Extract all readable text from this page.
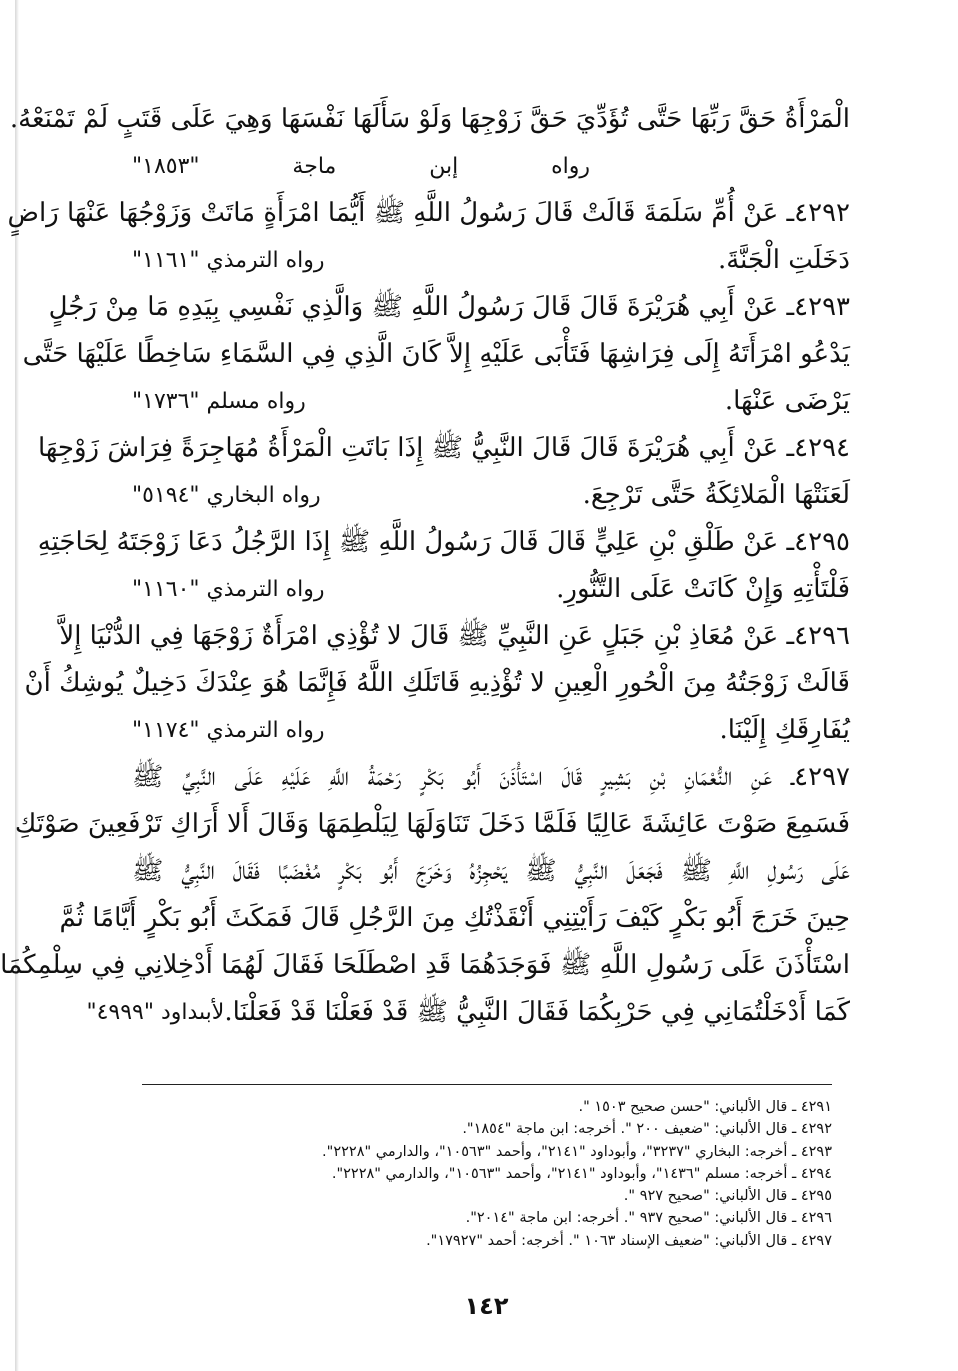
الْمَرْأَةُ حَقَّ رَبِّهَا حَتَّى تُؤَدِّيَ حَقَّ زَوْجِهَا وَلَوْ سَأَلَهَا نَفْسَهَا وَهِيَ عَلَى قَتَبٍ لَمْ تَمْنَعْهُ.
رواه إبن ماجة "١٨٥٣"
٤٢٩٢ـ عَنْ أُمِّ سَلَمَةَ قَالَتْ قَالَ رَسُولُ اللَّهِ ﷺ أَيُّمَا امْرَأَةٍ مَاتَتْ وَزَوْجُهَا عَنْهَا رَاضٍ
دَخَلَتِ الْجَنَّةَ.
رواه الترمذي "١١٦١"
٤٢٩٣ـ عَنْ أَبِي هُرَيْرَةَ قَالَ قَالَ رَسُولُ اللَّهِ ﷺ وَالَّذِي نَفْسِي بِيَدِهِ مَا مِنْ رَجُلٍ
يَدْعُو امْرَأَتَهُ إِلَى فِرَاشِهَا فَتَأْبَى عَلَيْهِ إِلاَّ كَانَ الَّذِي فِي السَّمَاءِ سَاخِطًا عَلَيْهَا حَتَّى
يَرْضَى عَنْهَا.
رواه مسلم "١٧٣٦"
٤٢٩٤ـ عَنْ أَبِي هُرَيْرَةَ قَالَ قَالَ النَّبِيُّ ﷺ إِذَا بَاتَتِ الْمَرْأَةُ مُهَاجِرَةً فِرَاشَ زَوْجِهَا
لَعَنَتْهَا الْمَلائِكَةُ حَتَّى تَرْجِعَ.
رواه البخاري "٥١٩٤"
٤٢٩٥ـ عَنْ طَلْقِ بْنِ عَلِيٍّ قَالَ قَالَ رَسُولُ اللَّهِ ﷺ إِذَا الرَّجُلُ دَعَا زَوْجَتَهُ لِحَاجَتِهِ
فَلْتَأْتِهِ وَإِنْ كَانَتْ عَلَى التَّنُّورِ.
رواه الترمذي "١١٦٠"
٤٢٩٦ـ عَنْ مُعَاذِ بْنِ جَبَلٍ عَنِ النَّبِيِّ ﷺ قَالَ لا تُؤْذِي امْرَأَةٌ زَوْجَهَا فِي الدُّنْيَا إِلاَّ
قَالَتْ زَوْجَتُهُ مِنَ الْحُورِ الْعِينِ لا تُؤْذِيهِ قَاتَلَكِ اللَّهُ فَإِنَّمَا هُوَ عِنْدَكَ دَخِيلٌ يُوشِكُ أَنْ
يُفَارِقَكِ إِلَيْنَا.
رواه الترمذي "١١٧٤"
٤٢٩٧ـ عَنِ النُّعْمَانِ بْنِ بَشِيرٍ قَالَ اسْتَأْذَنَ أَبُو بَكْرٍ رَحْمَةُ اللَّهِ عَلَيْهِ عَلَى النَّبِيِّ ﷺ
فَسَمِعَ صَوْتَ عَائِشَةَ عَالِيًا فَلَمَّا دَخَلَ تَنَاوَلَهَا لِيَلْطِمَهَا وَقَالَ أَلا أَرَاكِ تَرْفَعِينَ صَوْتَكِ
عَلَى رَسُولِ اللَّهِ ﷺ فَجَعَلَ النَّبِيُّ ﷺ يَحْجِزُهُ وَخَرَجَ أَبُو بَكْرٍ مُغْضَبًا فَقَالَ النَّبِيُّ ﷺ
حِينَ خَرَجَ أَبُو بَكْرٍ كَيْفَ رَأَيْتِنِي أَنْقَذْتُكِ مِنَ الرَّجُلِ قَالَ فَمَكَثَ أَبُو بَكْرٍ أَيَّامًا ثُمَّ
اسْتَأْذَنَ عَلَى رَسُولِ اللَّهِ ﷺ فَوَجَدَهُمَا قَدِ اصْطَلَحَا فَقَالَ لَهُمَا أَدْخِلانِي فِي سِلْمِكُمَا
كَمَا أَدْخَلْتُمَانِي فِي حَرْبِكُمَا فَقَالَ النَّبِيُّ ﷺ قَدْ فَعَلْنَا قَدْ فَعَلْنَا.
لأبىداود "٤٩٩٩"
٤٢٩١ ـ قال الألباني: "حسن صحيح ١٥٠٣ ".
٤٢٩٢ ـ قال الألباني: "ضعيف ٢٠٠ ". أخرجه: ابن ماجة "١٨٥٤".
٤٢٩٣ ـ أخرجه: البخاري "٣٢٣٧"، وأبوداود "٢١٤١"، وأحمد "١٠٥٦٣"، والدارمي "٢٢٢٨".
٤٢٩٤ ـ أخرجه: مسلم "١٤٣٦"، وأبوداود "٢١٤١"، وأحمد "١٠٥٦٣"، والدارمي "٢٢٢٨".
٤٢٩٥ ـ قال الألباني: "صحيح ٩٢٧ ".
٤٢٩٦ ـ قال الألباني: "صحيح ٩٣٧ ". أخرجه: ابن ماجة "٢٠١٤".
٤٢٩٧ ـ قال الألباني: "ضعيف الإسناد ١٠٦٣ ". أخرجه: أحمد "١٧٩٢٧".
١٤٢
